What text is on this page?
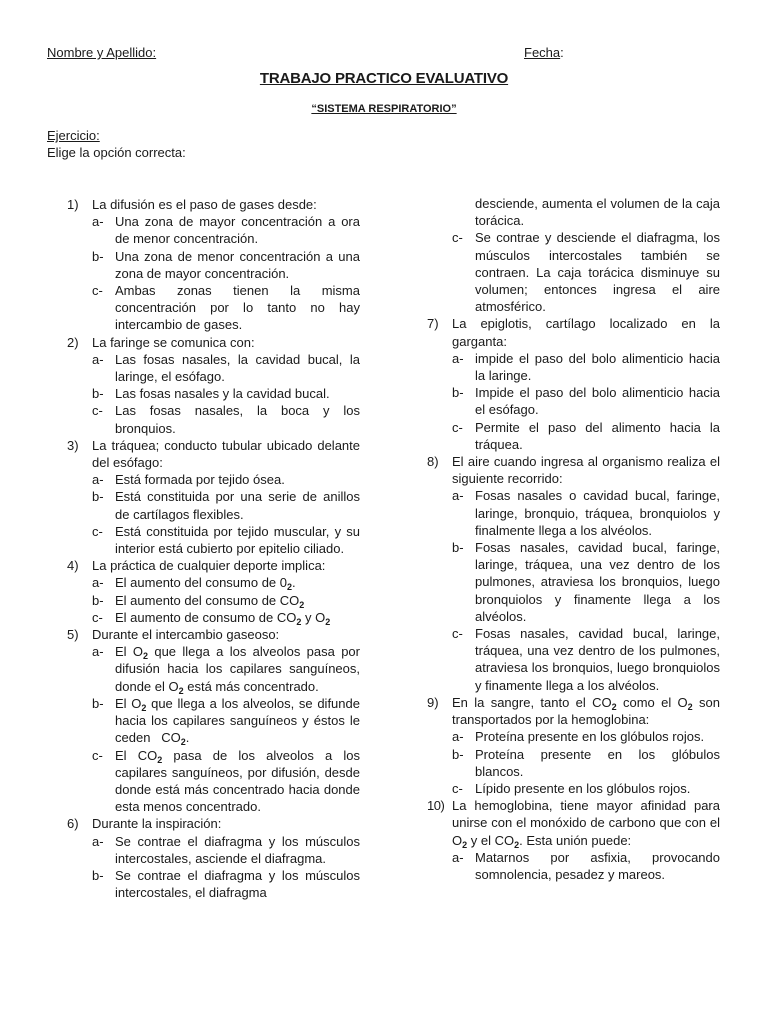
Nombre y Apellido:	Fecha:
TRABAJO PRACTICO EVALUATIVO
“SISTEMA RESPIRATORIO”
Ejercicio:
Elige la opción correcta:
1)	La difusión es el paso de gases desde:
a- Una zona de mayor concentración a ora de menor concentración.
b- Una zona de menor concentración a una zona de mayor concentración.
c- Ambas zonas tienen la misma concentración por lo tanto no hay intercambio de gases.
2)	La faringe se comunica con:
a- Las fosas nasales, la cavidad bucal, la laringe, el esófago.
b- Las fosas nasales y la cavidad bucal.
c- Las fosas nasales, la boca y los bronquios.
3)	La tráquea; conducto tubular ubicado delante del esófago:
a- Está formada por tejido ósea.
b- Está constituida por una serie de anillos de cartílagos flexibles.
c- Está constituida por tejido muscular, y su interior está cubierto por epitelio ciliado.
4)	La práctica de cualquier deporte implica:
a- El aumento del consumo de $0_2$.
b- El aumento del consumo de $CO_2$
c- El aumento de consumo de $CO_2$ y $O_2$
5)	Durante el intercambio gaseoso:
a- El $O_2$ que llega a los alveolos pasa por difusión hacia los capilares sanguíneos, donde el $O_2$ está más concentrado.
b- El $O_2$ que llega a los alveolos, se difunde hacia los capilares sanguíneos y éstos le ceden   $CO_2$.
c- El $CO_2$ pasa de los alveolos a los capilares sanguíneos, por difusión, desde donde está más concentrado hacia donde esta menos concentrado.
6)	Durante la inspiración:
a- Se contrae el diafragma y los músculos intercostales, asciende el diafragma.
b- Se contrae el diafragma y los músculos intercostales, el diafragma
desciende, aumenta el volumen de la caja torácica.
c- Se contrae y desciende el diafragma, los músculos intercostales también se contraen. La caja torácica disminuye su volumen; entonces ingresa el aire atmosférico.
7)	La epiglotis, cartílago localizado en la garganta:
a- impide el paso del bolo alimenticio hacia la laringe.
b- Impide el paso del bolo alimenticio hacia el esófago.
c- Permite el paso del alimento hacia la tráquea.
8)	El aire cuando ingresa al organismo realiza el siguiente recorrido:
a- Fosas nasales o cavidad bucal, faringe, laringe, bronquio, tráquea, bronquiolos y finalmente llega a los alvéolos.
b- Fosas nasales, cavidad bucal, faringe, laringe, tráquea, una vez dentro de los pulmones, atraviesa los bronquios, luego bronquiolos y finamente llega a los alvéolos.
c- Fosas nasales, cavidad bucal, laringe, tráquea, una vez dentro de los pulmones, atraviesa los bronquios, luego bronquiolos y finamente llega a los alvéolos.
9)	En la sangre, tanto el $CO_2$ como el $O_2$ son transportados por la hemoglobina:
a- Proteína presente en los glóbulos rojos.
b- Proteína presente en los glóbulos blancos.
c- Lípido presente en los glóbulos rojos.
10) La hemoglobina, tiene mayor afinidad para unirse con el monóxido de carbono que con el $O_2$ y el $CO_2$. Esta unión puede:
a- Matarnos por asfixia, provocando somnolencia, pesadez y mareos.
